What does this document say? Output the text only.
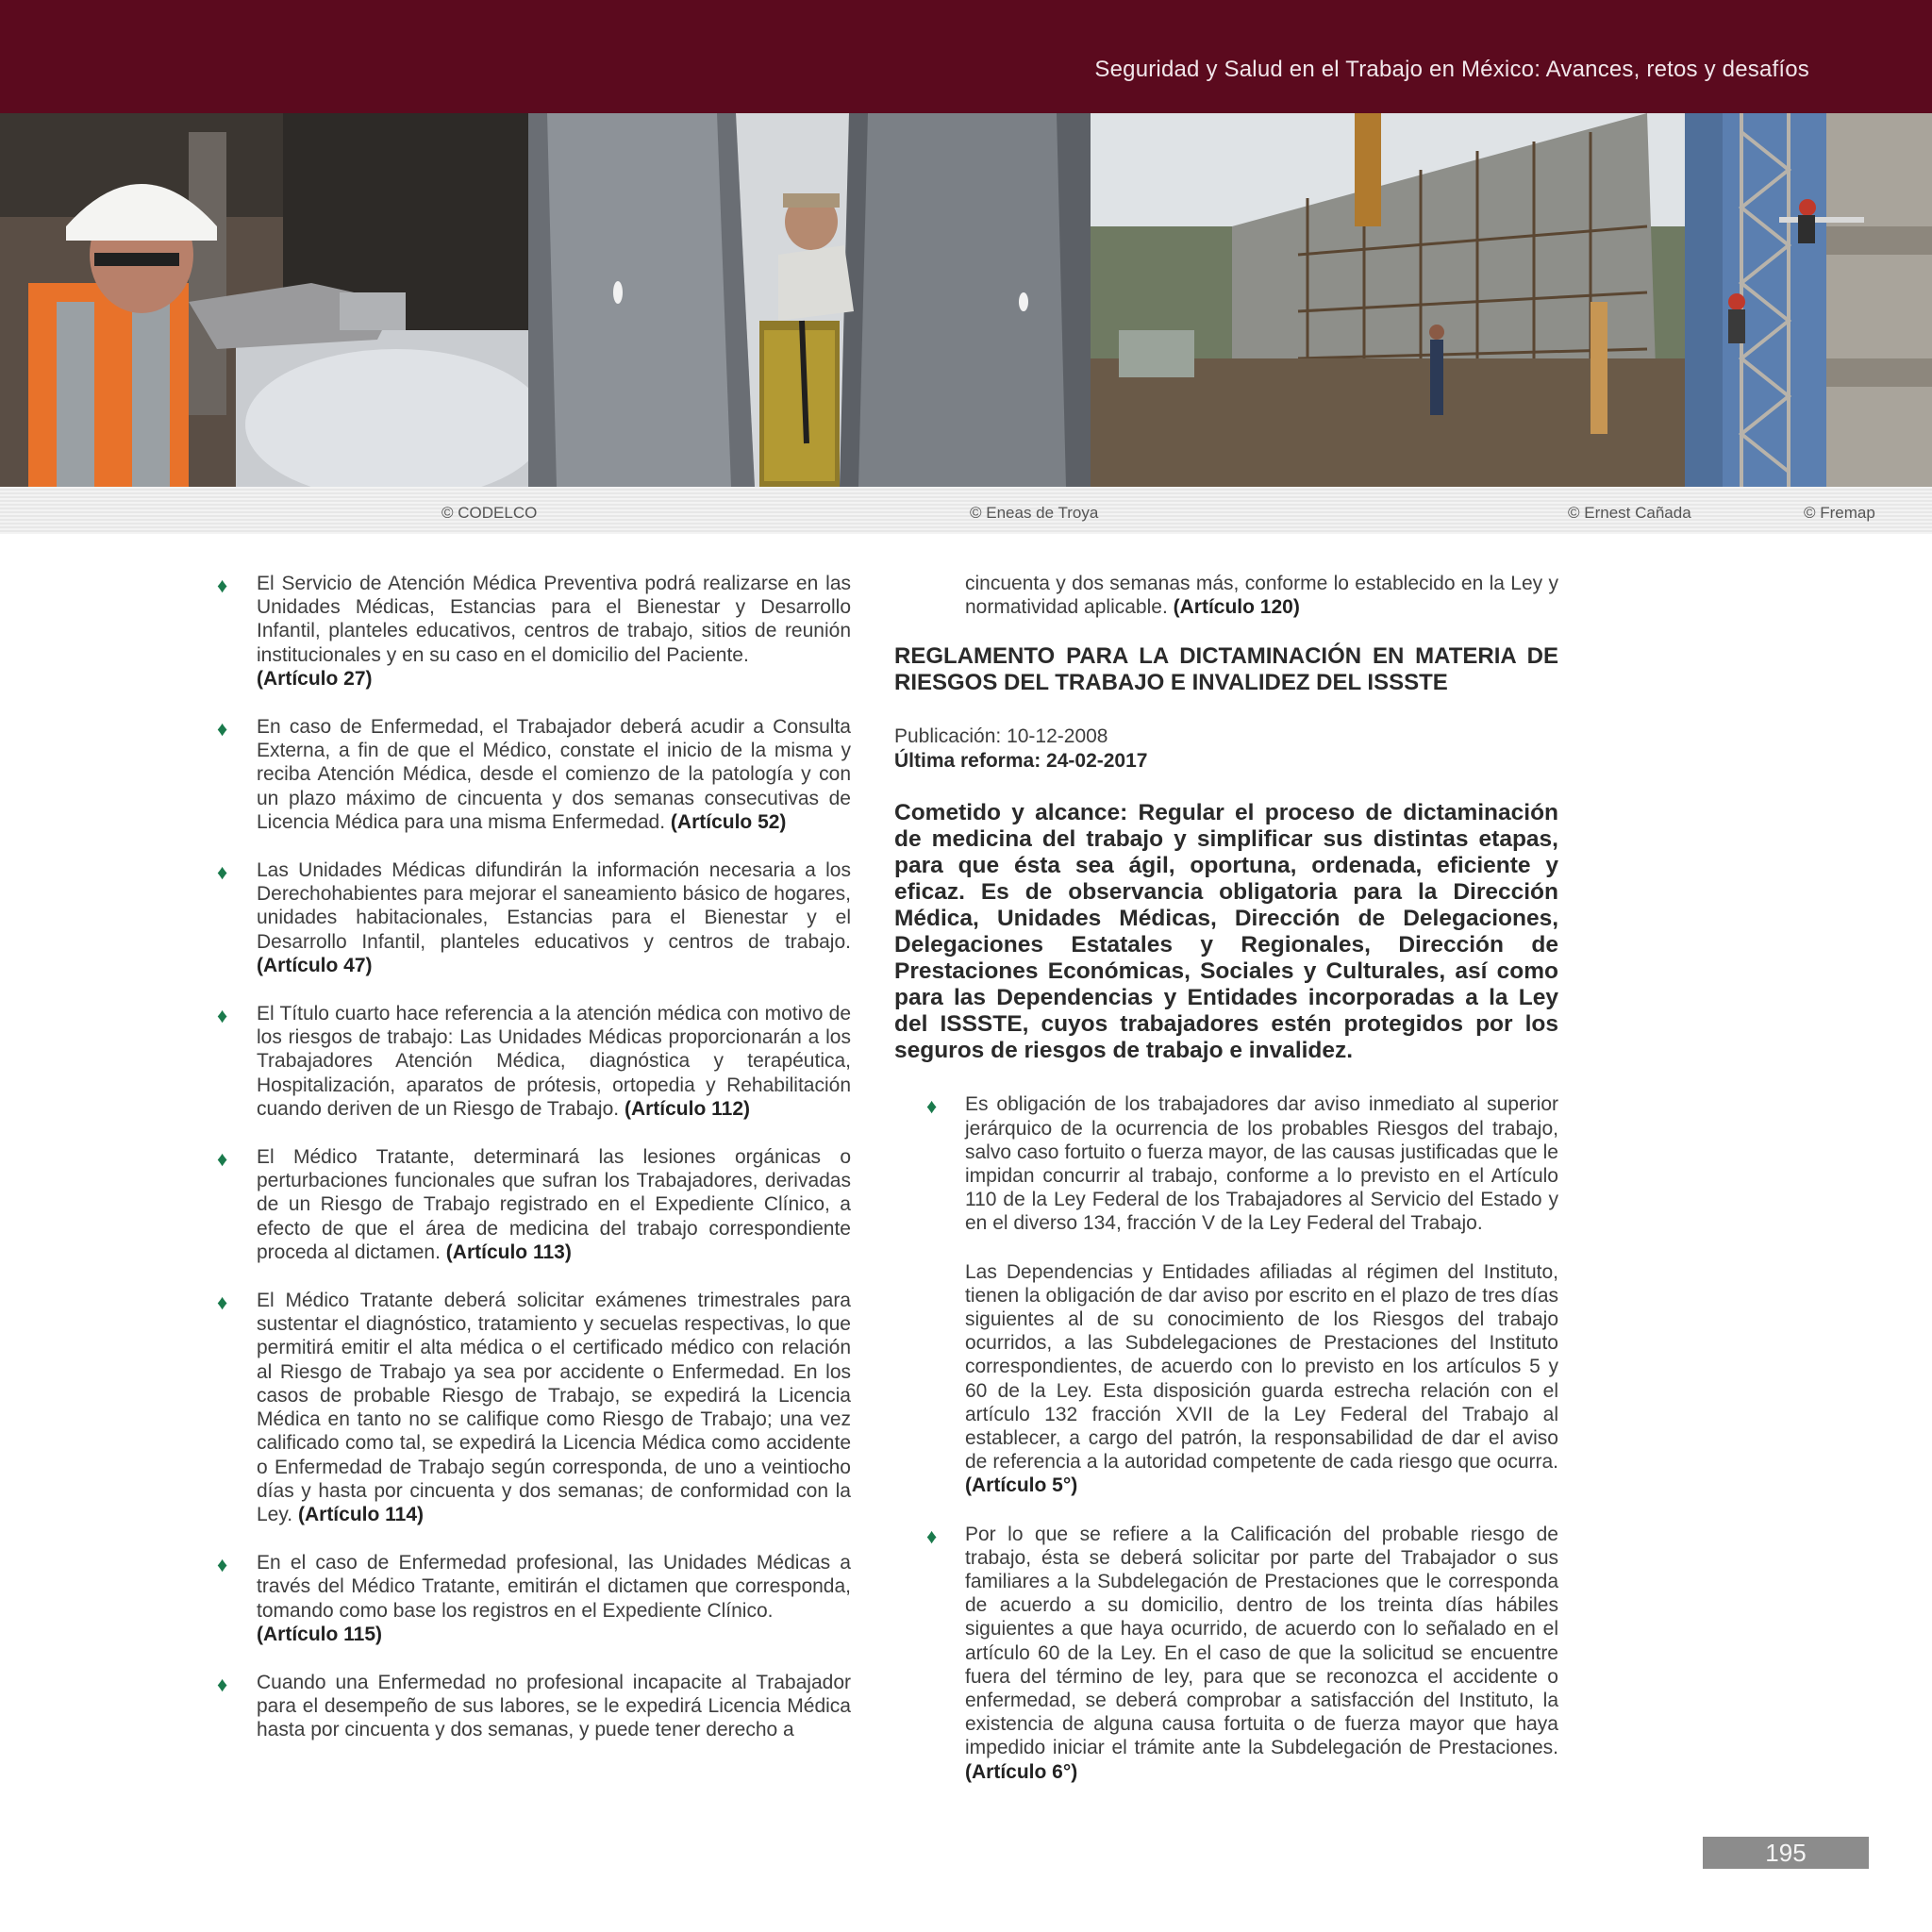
Seguridad y Salud en el Trabajo en México: Avances, retos y desafíos
© CODELCO	© Eneas de Troya	© Ernest Cañada	© Fremap
♦ El Servicio de Atención Médica Preventiva podrá realizarse en las Unidades Médicas, Estancias para el Bienestar y Desarrollo Infantil, planteles educativos, centros de trabajo, sitios de reunión institucionales y en su caso en el domicilio del Paciente.
(Artículo 27)

♦ En caso de Enfermedad, el Trabajador deberá acudir a Consulta Externa, a fin de que el Médico, constate el inicio de la misma y reciba Atención Médica, desde el comienzo de la patología y con un plazo máximo de cincuenta y dos semanas consecutivas de Licencia Médica para una misma Enfermedad. (Artículo 52)

♦ Las Unidades Médicas difundirán la información necesaria a los Derechohabientes para mejorar el saneamiento básico de hogares, unidades habitacionales, Estancias para el Bienestar y el Desarrollo Infantil, planteles educativos y centros de trabajo. (Artículo 47)

♦ El Título cuarto hace referencia a la atención médica con motivo de los riesgos de trabajo: Las Unidades Médicas proporcionarán a los Trabajadores Atención Médica, diagnóstica y terapéutica, Hospitalización, aparatos de prótesis, ortopedia y Rehabilitación cuando deriven de un Riesgo de Trabajo. (Artículo 112)

♦ El Médico Tratante, determinará las lesiones orgánicas o perturbaciones funcionales que sufran los Trabajadores, derivadas de un Riesgo de Trabajo registrado en el Expediente Clínico, a efecto de que el área de medicina del trabajo correspondiente proceda al dictamen. (Artículo 113)

♦ El Médico Tratante deberá solicitar exámenes trimestrales para sustentar el diagnóstico, tratamiento y secuelas respectivas, lo que permitirá emitir el alta médica o el certificado médico con relación al Riesgo de Trabajo ya sea por accidente o Enfermedad. En los casos de probable Riesgo de Trabajo, se expedirá la Licencia Médica en tanto no se califique como Riesgo de Trabajo; una vez calificado como tal, se expedirá la Licencia Médica como accidente o Enfermedad de Trabajo según corresponda, de uno a veintiocho días y hasta por cincuenta y dos semanas; de conformidad con la Ley. (Artículo 114)

♦ En el caso de Enfermedad profesional, las Unidades Médicas a través del Médico Tratante, emitirán el dictamen que corresponda, tomando como base los registros en el Expediente Clínico.
(Artículo 115)

♦ Cuando una Enfermedad no profesional incapacite al Trabajador para el desempeño de sus labores, se le expedirá Licencia Médica hasta por cincuenta y dos semanas, y puede tener derecho a

cincuenta y dos semanas más, conforme lo establecido en la Ley y normatividad aplicable. (Artículo 120)

REGLAMENTO PARA LA DICTAMINACIÓN EN MATERIA DE RIESGOS DEL TRABAJO E INVALIDEZ DEL ISSSTE

Publicación: 10-12-2008

Última reforma: 24-02-2017

Cometido y alcance: Regular el proceso de dictaminación de medicina del trabajo y simplificar sus distintas etapas, para que ésta sea ágil, oportuna, ordenada, eficiente y eficaz. Es de observancia obligatoria para la Dirección Médica, Unidades Médicas, Dirección de Delegaciones, Delegaciones Estatales y Regionales, Dirección de Prestaciones Económicas, Sociales y Culturales, así como para las Dependencias y Entidades incorporadas a la Ley del ISSSTE, cuyos trabajadores estén protegidos por los seguros de riesgos de trabajo e invalidez.

♦ Es obligación de los trabajadores dar aviso inmediato al superior jerárquico de la ocurrencia de los probables Riesgos del trabajo, salvo caso fortuito o fuerza mayor, de las causas justificadas que le impidan concurrir al trabajo, conforme a lo previsto en el Artículo 110 de la Ley Federal de los Trabajadores al Servicio del Estado y en el diverso 134, fracción V de la Ley Federal del Trabajo.

Las Dependencias y Entidades afiliadas al régimen del Instituto, tienen la obligación de dar aviso por escrito en el plazo de tres días siguientes al de su conocimiento de los Riesgos del trabajo ocurridos, a las Subdelegaciones de Prestaciones del Instituto correspondientes, de acuerdo con lo previsto en los artículos 5 y 60 de la Ley. Esta disposición guarda estrecha relación con el artículo 132 fracción XVII de la Ley Federal del Trabajo al establecer, a cargo del patrón, la responsabilidad de dar el aviso de referencia a la autoridad competente de cada riesgo que ocurra. (Artículo 5°)

♦ Por lo que se refiere a la Calificación del probable riesgo de trabajo, ésta se deberá solicitar por parte del Trabajador o sus familiares a la Subdelegación de Prestaciones que le corresponda de acuerdo a su domicilio, dentro de los treinta días hábiles siguientes a que haya ocurrido, de acuerdo con lo señalado en el artículo 60 de la Ley. En el caso de que la solicitud se encuentre fuera del término de ley, para que se reconozca el accidente o enfermedad, se deberá comprobar a satisfacción del Instituto, la existencia de alguna causa fortuita o de fuerza mayor que haya impedido iniciar el trámite ante la Subdelegación de Prestaciones. (Artículo 6°)

195
